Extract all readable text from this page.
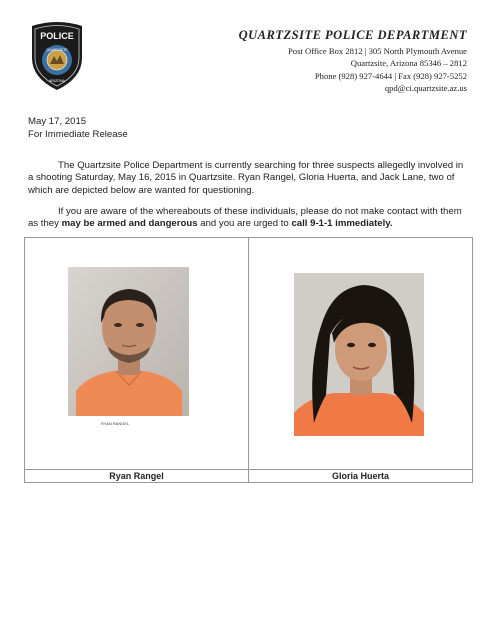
POLICE
QUARTZSITE
ARIZONA
QUARTZSITE POLICE DEPARTMENT
Post Office Box 2812 | 305 North Plymouth Avenue
Quartzsite, Arizona 85346 – 2812
Phone (928) 927-4644 | Fax (928) 927-5252
qpd@ci.quartzsite.az.us
May 17, 2015
For Immediate Release
The Quartzsite Police Department is currently searching for three suspects allegedly involved in a shooting Saturday, May 16, 2015 in Quartzsite. Ryan Rangel, Gloria Huerta, and Jack Lane, two of which are depicted below are wanted for questioning.
If you are aware of the whereabouts of these individuals, please do not make contact with them as they may be armed and dangerous and you are urged to call 9-1-1 immediately.
RYAN RANGEL
Ryan Rangel	Gloria Huerta
